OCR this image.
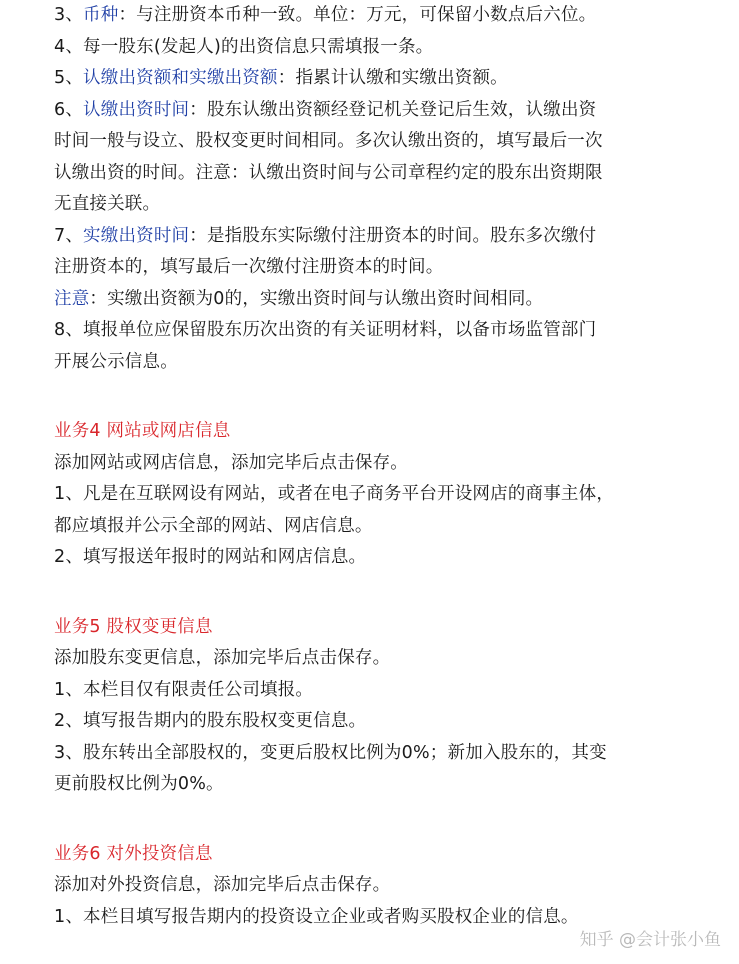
3、币种：与注册资本币种一致。单位：万元，可保留小数点后六位。
4、每一股东(发起人)的出资信息只需填报一条。
5、认缴出资额和实缴出资额：指累计认缴和实缴出资额。
6、认缴出资时间：股东认缴出资额经登记机关登记后生效，认缴出资
时间一般与设立、股权变更时间相同。多次认缴出资的，填写最后一次
认缴出资的时间。注意：认缴出资时间与公司章程约定的股东出资期限
无直接关联。
7、实缴出资时间：是指股东实际缴付注册资本的时间。股东多次缴付
注册资本的，填写最后一次缴付注册资本的时间。
注意：实缴出资额为0的，实缴出资时间与认缴出资时间相同。
8、填报单位应保留股东历次出资的有关证明材料，以备市场监管部门
开展公示信息。
业务4 网站或网店信息
添加网站或网店信息，添加完毕后点击保存。
1、凡是在互联网设有网站，或者在电子商务平台开设网店的商事主体，
都应填报并公示全部的网站、网店信息。
2、填写报送年报时的网站和网店信息。
业务5 股权变更信息
添加股东变更信息，添加完毕后点击保存。
1、本栏目仅有限责任公司填报。
2、填写报告期内的股东股权变更信息。
3、股东转出全部股权的，变更后股权比例为0%；新加入股东的，其变
更前股权比例为0%。
业务6 对外投资信息
添加对外投资信息，添加完毕后点击保存。
1、本栏目填写报告期内的投资设立企业或者购买股权企业的信息。
知乎 @会计张小鱼
